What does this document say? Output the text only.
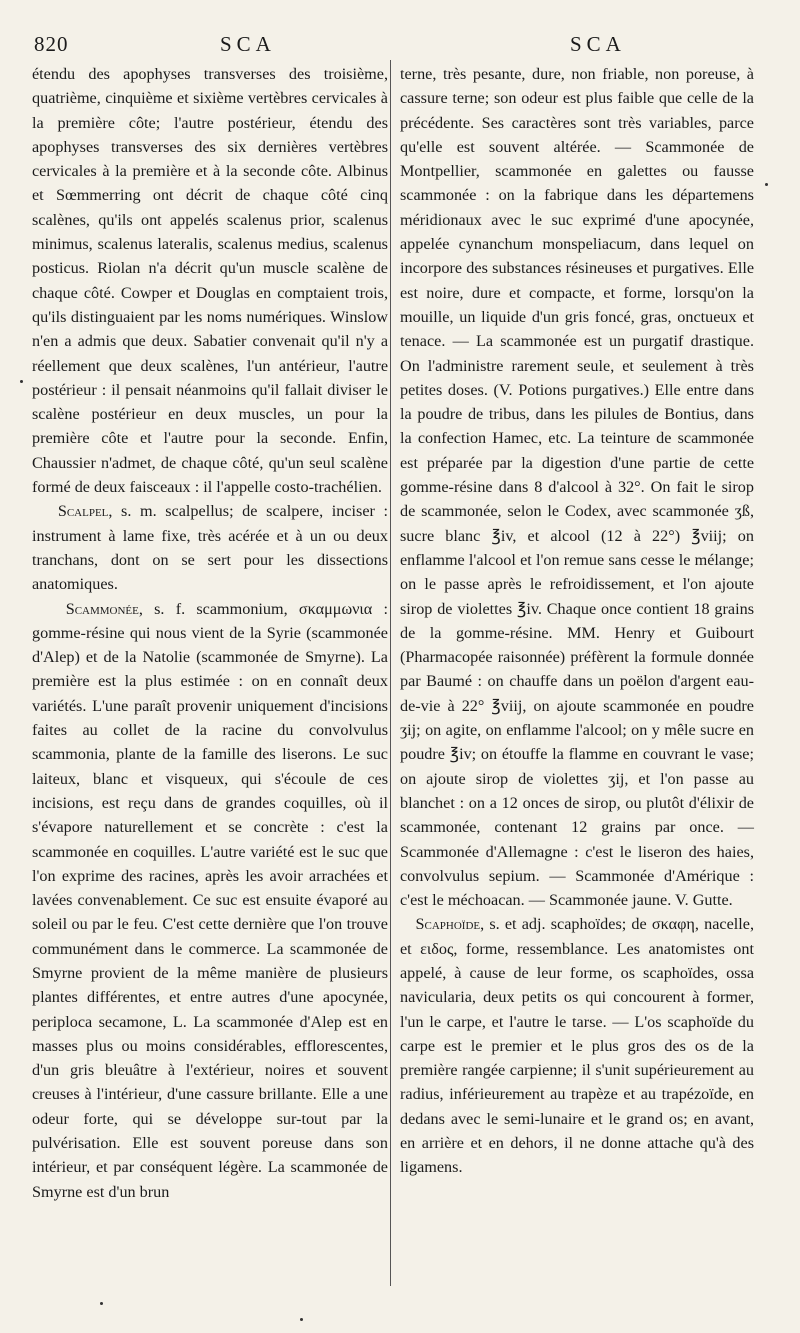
820	SCA	SCA

étendu des apophyses transverses des troisième, quatrième, cinquième et sixième vertèbres cervicales à la première côte; l'autre postérieur, étendu des apophyses transverses des six dernières vertèbres cervicales à la première et à la seconde côte. Albinus et Sœmmerring ont décrit de chaque côté cinq scalènes, qu'ils ont appelés scalenus prior, scalenus minimus, scalenus lateralis, scalenus medius, scalenus posticus. Riolan n'a décrit qu'un muscle scalène de chaque côté. Cowper et Douglas en comptaient trois, qu'ils distinguaient par les noms numériques. Winslow n'en a admis que deux. Sabatier convenait qu'il n'y a réellement que deux scalènes, l'un antérieur, l'autre postérieur : il pensait néanmoins qu'il fallait diviser le scalène postérieur en deux muscles, un pour la première côte et l'autre pour la seconde. Enfin, Chaussier n'admet, de chaque côté, qu'un seul scalène formé de deux faisceaux : il l'appelle costo-trachélien.

Scalpel, s. m. scalpellus; de scalpere, inciser : instrument à lame fixe, très acérée et à un ou deux tranchans, dont on se sert pour les dissections anatomiques.

Scammonée, s. f. scammonium, σκαμμωνια : gomme-résine qui nous vient de la Syrie (scammonée d'Alep) et de la Natolie (scammonée de Smyrne). La première est la plus estimée : on en connaît deux variétés. L'une paraît provenir uniquement d'incisions faites au collet de la racine du convolvulus scammonia, plante de la famille des liserons. Le suc laiteux, blanc et visqueux, qui s'écoule de ces incisions, est reçu dans de grandes coquilles, où il s'évapore naturellement et se concrète : c'est la scammonée en coquilles. L'autre variété est le suc que l'on exprime des racines, après les avoir arrachées et lavées convenablement. Ce suc est ensuite évaporé au soleil ou par le feu. C'est cette dernière que l'on trouve communément dans le commerce. La scammonée de Smyrne provient de la même manière de plusieurs plantes différentes, et entre autres d'une apocynée, periploca secamone, L. La scammonée d'Alep est en masses plus ou moins considérables, efflorescentes, d'un gris bleuâtre à l'extérieur, noires et souvent creuses à l'intérieur, d'une cassure brillante. Elle a une odeur forte, qui se développe sur-tout par la pulvérisation. Elle est souvent poreuse dans son intérieur, et par conséquent légère. La scammonée de Smyrne est d'un brun

terne, très pesante, dure, non friable, non poreuse, à cassure terne; son odeur est plus faible que celle de la précédente. Ses caractères sont très variables, parce qu'elle est souvent altérée. — Scammonée de Montpellier, scammonée en galettes ou fausse scammonée : on la fabrique dans les départemens méridionaux avec le suc exprimé d'une apocynée, appelée cynanchum monspeliacum, dans lequel on incorpore des substances résineuses et purgatives. Elle est noire, dure et compacte, et forme, lorsqu'on la mouille, un liquide d'un gris foncé, gras, onctueux et tenace. — La scammonée est un purgatif drastique. On l'administre rarement seule, et seulement à très petites doses. (V. Potions purgatives.) Elle entre dans la poudre de tribus, dans les pilules de Bontius, dans la confection Hamec, etc. La teinture de scammonée est préparée par la digestion d'une partie de cette gomme-résine dans 8 d'alcool à 32°. On fait le sirop de scammonée, selon le Codex, avec scammonée ʒß, sucre blanc ℥iv, et alcool (12 à 22°) ℥viij; on enflamme l'alcool et l'on remue sans cesse le mélange; on le passe après le refroidissement, et l'on ajoute sirop de violettes ℥iv. Chaque once contient 18 grains de la gomme-résine. MM. Henry et Guibourt (Pharmacopée raisonnée) préfèrent la formule donnée par Baumé : on chauffe dans un poëlon d'argent eau-de-vie à 22° ℥viij, on ajoute scammonée en poudre ʒij; on agite, on enflamme l'alcool; on y mêle sucre en poudre ℥iv; on étouffe la flamme en couvrant le vase; on ajoute sirop de violettes ʒij, et l'on passe au blanchet : on a 12 onces de sirop, ou plutôt d'élixir de scammonée, contenant 12 grains par once. — Scammonée d'Allemagne : c'est le liseron des haies, convolvulus sepium. — Scammonée d'Amérique : c'est le méchoacan. — Scammonée jaune. V. Gutte.

Scaphoïde, s. et adj. scaphoïdes; de σκαφη, nacelle, et ειδος, forme, ressemblance. Les anatomistes ont appelé, à cause de leur forme, os scaphoïdes, ossa navicularia, deux petits os qui concourent à former, l'un le carpe, et l'autre le tarse. — L'os scaphoïde du carpe est le premier et le plus gros des os de la première rangée carpienne; il s'unit supérieurement au radius, inférieurement au trapèze et au trapézoïde, en dedans avec le semi-lunaire et le grand os; en avant, en arrière et en dehors, il ne donne attache qu'à des ligamens.
